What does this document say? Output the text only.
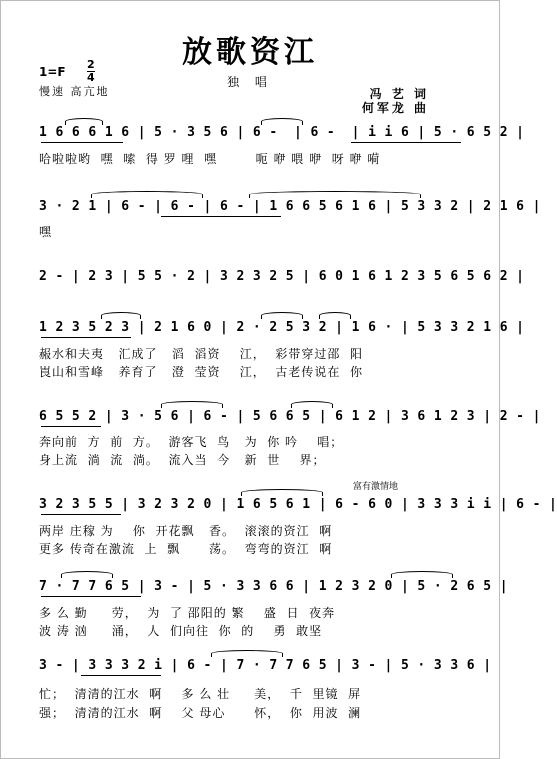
放歌资江
独 唱
1=F
2
4
慢速 高亢地	冯 艺 词
何军龙 曲
1 6 6 6 1 6 | 5 · 3 5 6 | 6 -  | 6 -  | i i 6 | 5 · 6 5 2 |
哈啦啦哟  嘿  嗦  得 罗 哩  嘿        呃 咿 喂 咿  呀 咿 嗬
3 · 2 1 | 6 - | 6 - | 6 - | 1 6 6 5 6 1 6 | 5 3 3 2 | 2 1 6 |
嘿
2 - | 2 3 | 5 5 · 2 | 3 2 3 2 5 | 6 0 1 6 1 2 3 5 6 5 6 2 |
1 2 3 5 2 3 | 2 1 6 0 | 2 · 2 5 3 2 | 1 6 · | 5 3 3 2 1 6 |
赧水和夫夷   汇成了   滔  滔资    江，  彩带穿过邵  阳
崀山和雪峰   养育了   澄  莹资    江，  古老传说在  你
6 5 5 2 | 3 · 5 6 | 6 - | 5 6 6 5 | 6 1 2 | 3 6 1 2 3 | 2 - |
奔向前  方  前  方。  游客飞  鸟   为  你 吟    唱；
身上流  淌  流  淌。  流入当  今   新  世    界；
富有激情地
3 2 3 5 5 | 3 2 3 2 0 | 1 6 5 6 1 | 6 - 6 0 | 3 3 3 i i | 6 - |
两岸 庄稼 为    你  开花飘   香。  滚滚的资江  啊
更多 传奇在激流  上  飘      荡。  弯弯的资江  啊
7 · 7 7 6 5 | 3 - | 5 · 3 3 6 6 | 1 2 3 2 0 | 5 · 2 6 5 |
多 么 勤     劳，  为  了 邵阳的 繁    盛  日  夜奔
波 涛 汹     涌，  人  们向往  你  的    勇  敢坚
3 - | 3 3 3 2 i | 6 - | 7 · 7 7 6 5 | 3 - | 5 · 3 3 6 |
忙；  清清的江水  啊    多 么 壮     美，  千  里镜  屏
强；  清清的江水  啊    父 母心      怀，  你  用波  澜
